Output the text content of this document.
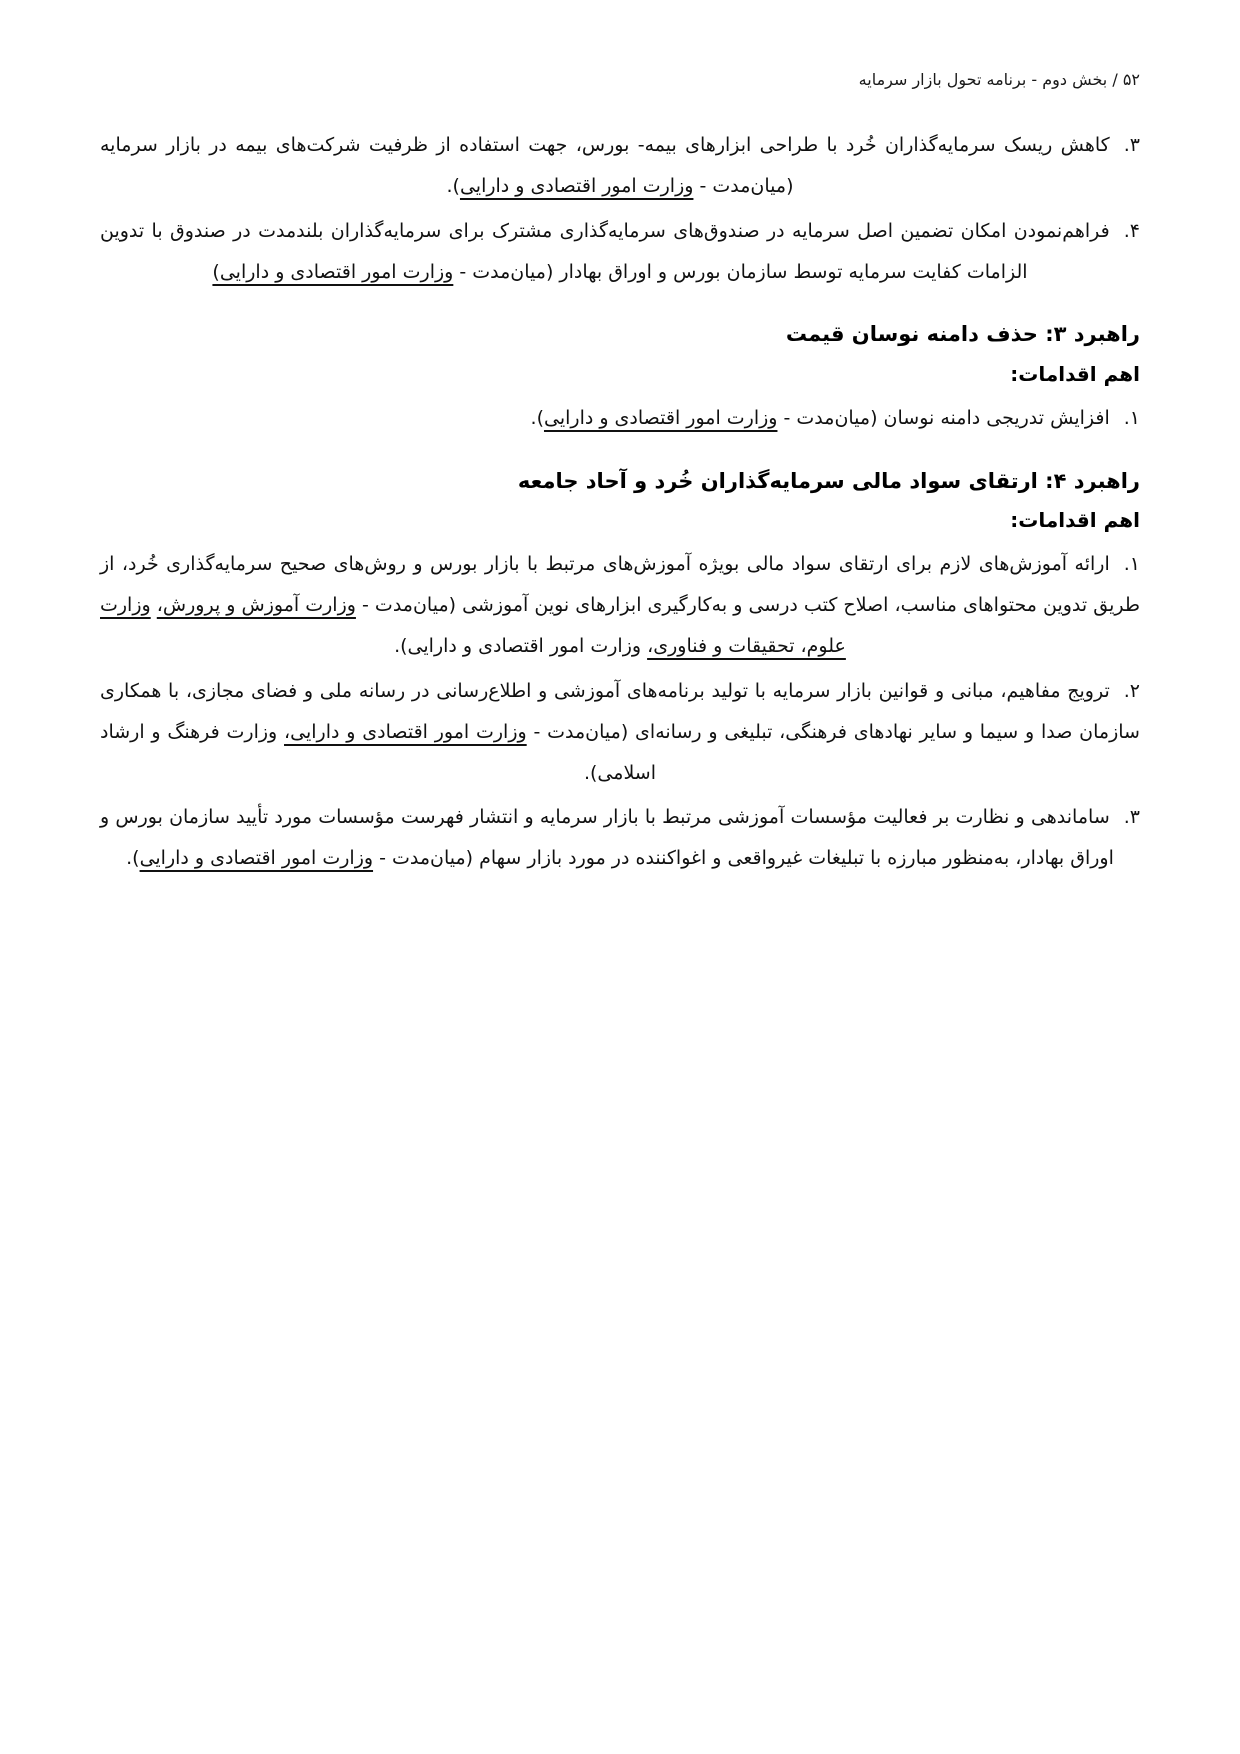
۵۲ / بخش دوم - برنامه تحول بازار سرمایه

۳.کاهش ریسک سرمایه‌گذاران خُرد با طراحی ابزارهای بیمه- بورس، جهت استفاده از ظرفیت شرکت‌های بیمه در بازار سرمایه (میان‌مدت - وزارت امور اقتصادی و دارایی).

۴.فراهم‌نمودن امکان تضمین اصل سرمایه در صندوق‌های سرمایه‌گذاری مشترک برای سرمایه‌گذاران بلندمدت در صندوق با تدوین الزامات کفایت سرمایه توسط سازمان بورس و اوراق بهادار (میان‌مدت - وزارت امور اقتصادی و دارایی)

راهبرد ۳: حذف دامنه نوسان قیمت

اهم اقدامات:

۱.افزایش تدریجی دامنه نوسان (میان‌مدت - وزارت امور اقتصادی و دارایی).

راهبرد ۴: ارتقای سواد مالی سرمایه‌گذاران خُرد و آحاد جامعه

اهم اقدامات:

۱.ارائه آموزش‌های لازم برای ارتقای سواد مالی بویژه آموزش‌های مرتبط با بازار بورس و روش‌های صحیح سرمایه‌گذاری خُرد، از طریق تدوین محتواهای مناسب، اصلاح کتب درسی و به‌کارگیری ابزارهای نوین آموزشی (میان‌مدت - وزارت آموزش و پرورش، وزارت علوم، تحقیقات و فناوری، وزارت امور اقتصادی و دارایی).

۲.ترویج مفاهیم، مبانی و قوانین بازار سرمایه با تولید برنامه‌های آموزشی و اطلاع‌رسانی در رسانه ملی و فضای مجازی، با همکاری سازمان صدا و سیما و سایر نهادهای فرهنگی، تبلیغی و رسانه‌ای (میان‌مدت - وزارت امور اقتصادی و دارایی، وزارت فرهنگ و ارشاد اسلامی).

۳.ساماندهی و نظارت بر فعالیت مؤسسات آموزشی مرتبط با بازار سرمایه و انتشار فهرست مؤسسات مورد تأیید سازمان بورس و اوراق بهادار، به‌منظور مبارزه با تبلیغات غیرواقعی و اغواکننده در مورد بازار سهام (میان‌مدت - وزارت امور اقتصادی و دارایی).
